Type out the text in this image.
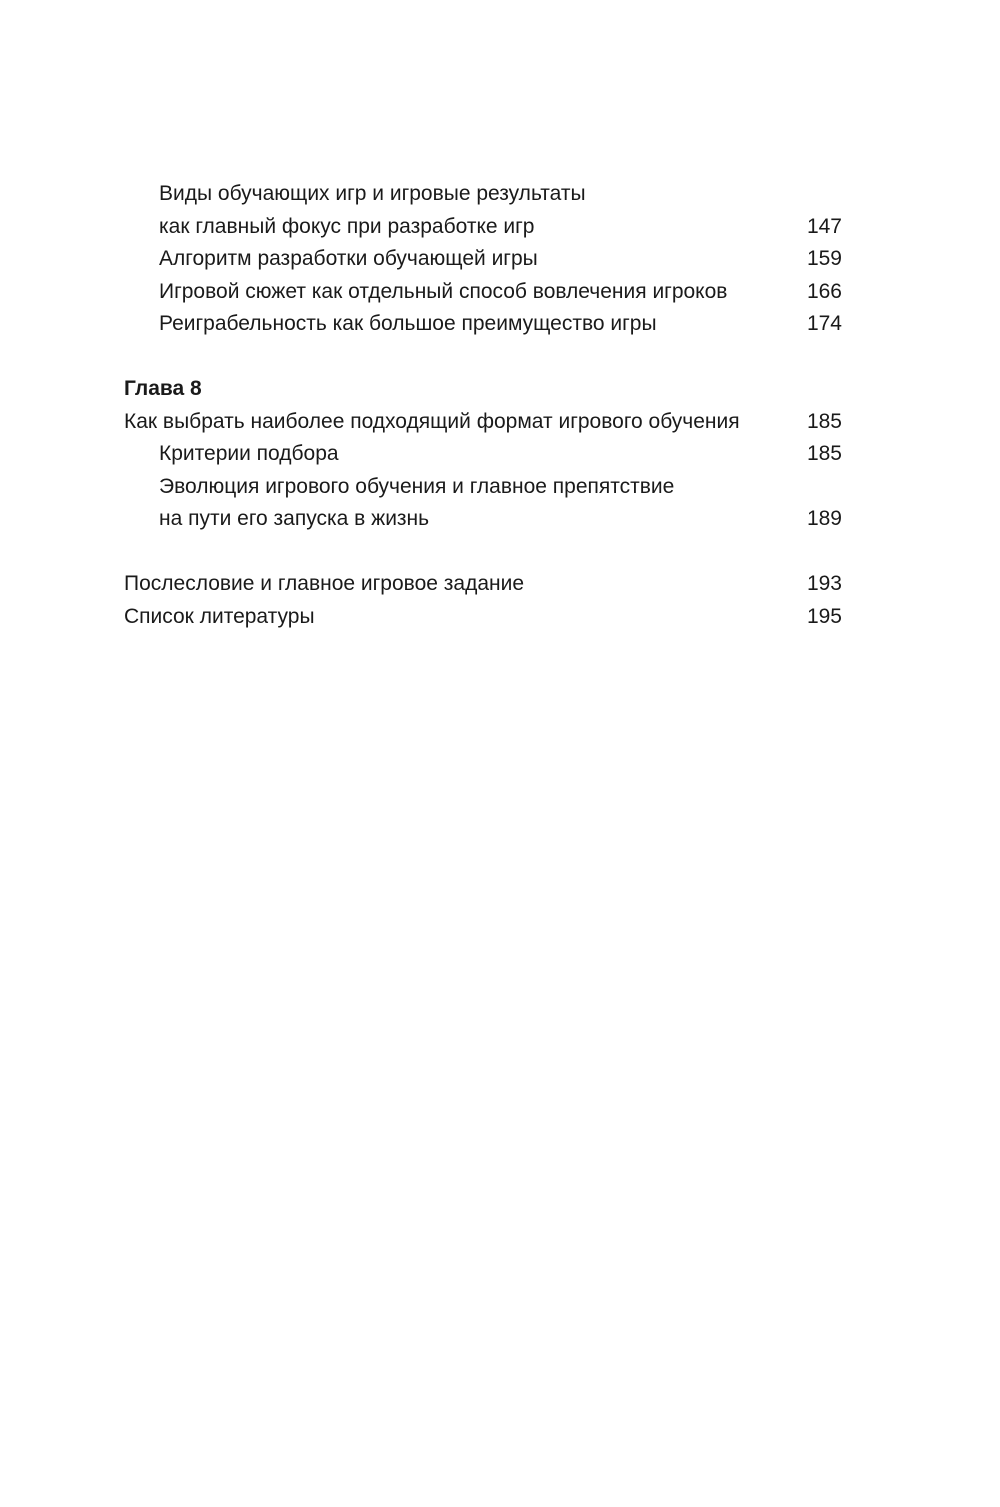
Виды обучающих игр и игровые результаты
как главный фокус при разработке игр	147
Алгоритм разработки обучающей игры	159
Игровой сюжет как отдельный способ вовлечения игроков	166
Реиграбельность как большое преимущество игры	174
Глава 8
Как выбрать наиболее подходящий формат игрового обучения	185
Критерии подбора	185
Эволюция игрового обучения и главное препятствие
на пути его запуска в жизнь	189
Послесловие и главное игровое задание	193
Список литературы	195
